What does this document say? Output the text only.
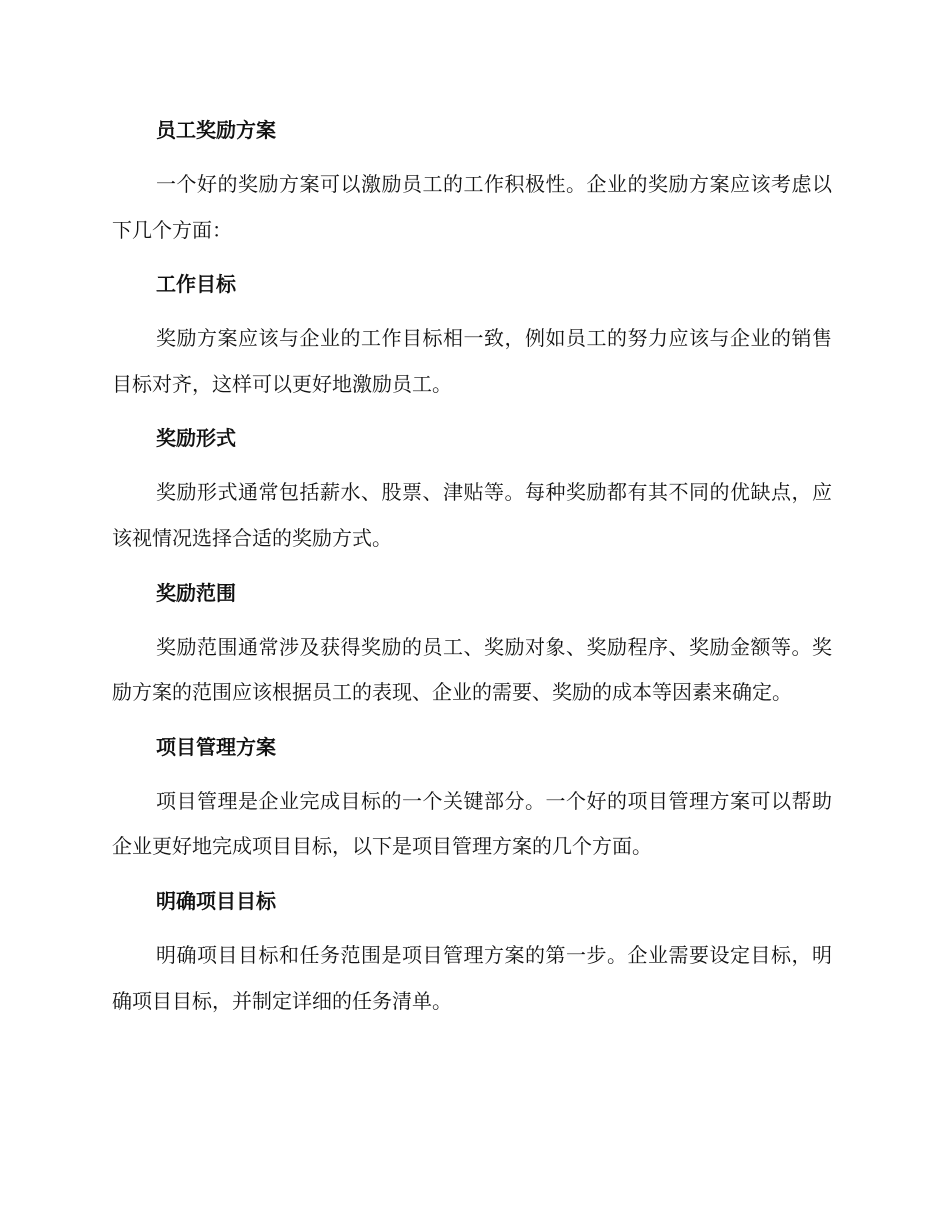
员工奖励方案

一个好的奖励方案可以激励员工的工作积极性。企业的奖励方案应该考虑以下几个方面：

工作目标

奖励方案应该与企业的工作目标相一致，例如员工的努力应该与企业的销售目标对齐，这样可以更好地激励员工。

奖励形式

奖励形式通常包括薪水、股票、津贴等。每种奖励都有其不同的优缺点，应该视情况选择合适的奖励方式。

奖励范围

奖励范围通常涉及获得奖励的员工、奖励对象、奖励程序、奖励金额等。奖励方案的范围应该根据员工的表现、企业的需要、奖励的成本等因素来确定。

项目管理方案

项目管理是企业完成目标的一个关键部分。一个好的项目管理方案可以帮助企业更好地完成项目目标，以下是项目管理方案的几个方面。

明确项目目标

明确项目目标和任务范围是项目管理方案的第一步。企业需要设定目标，明确项目目标，并制定详细的任务清单。
